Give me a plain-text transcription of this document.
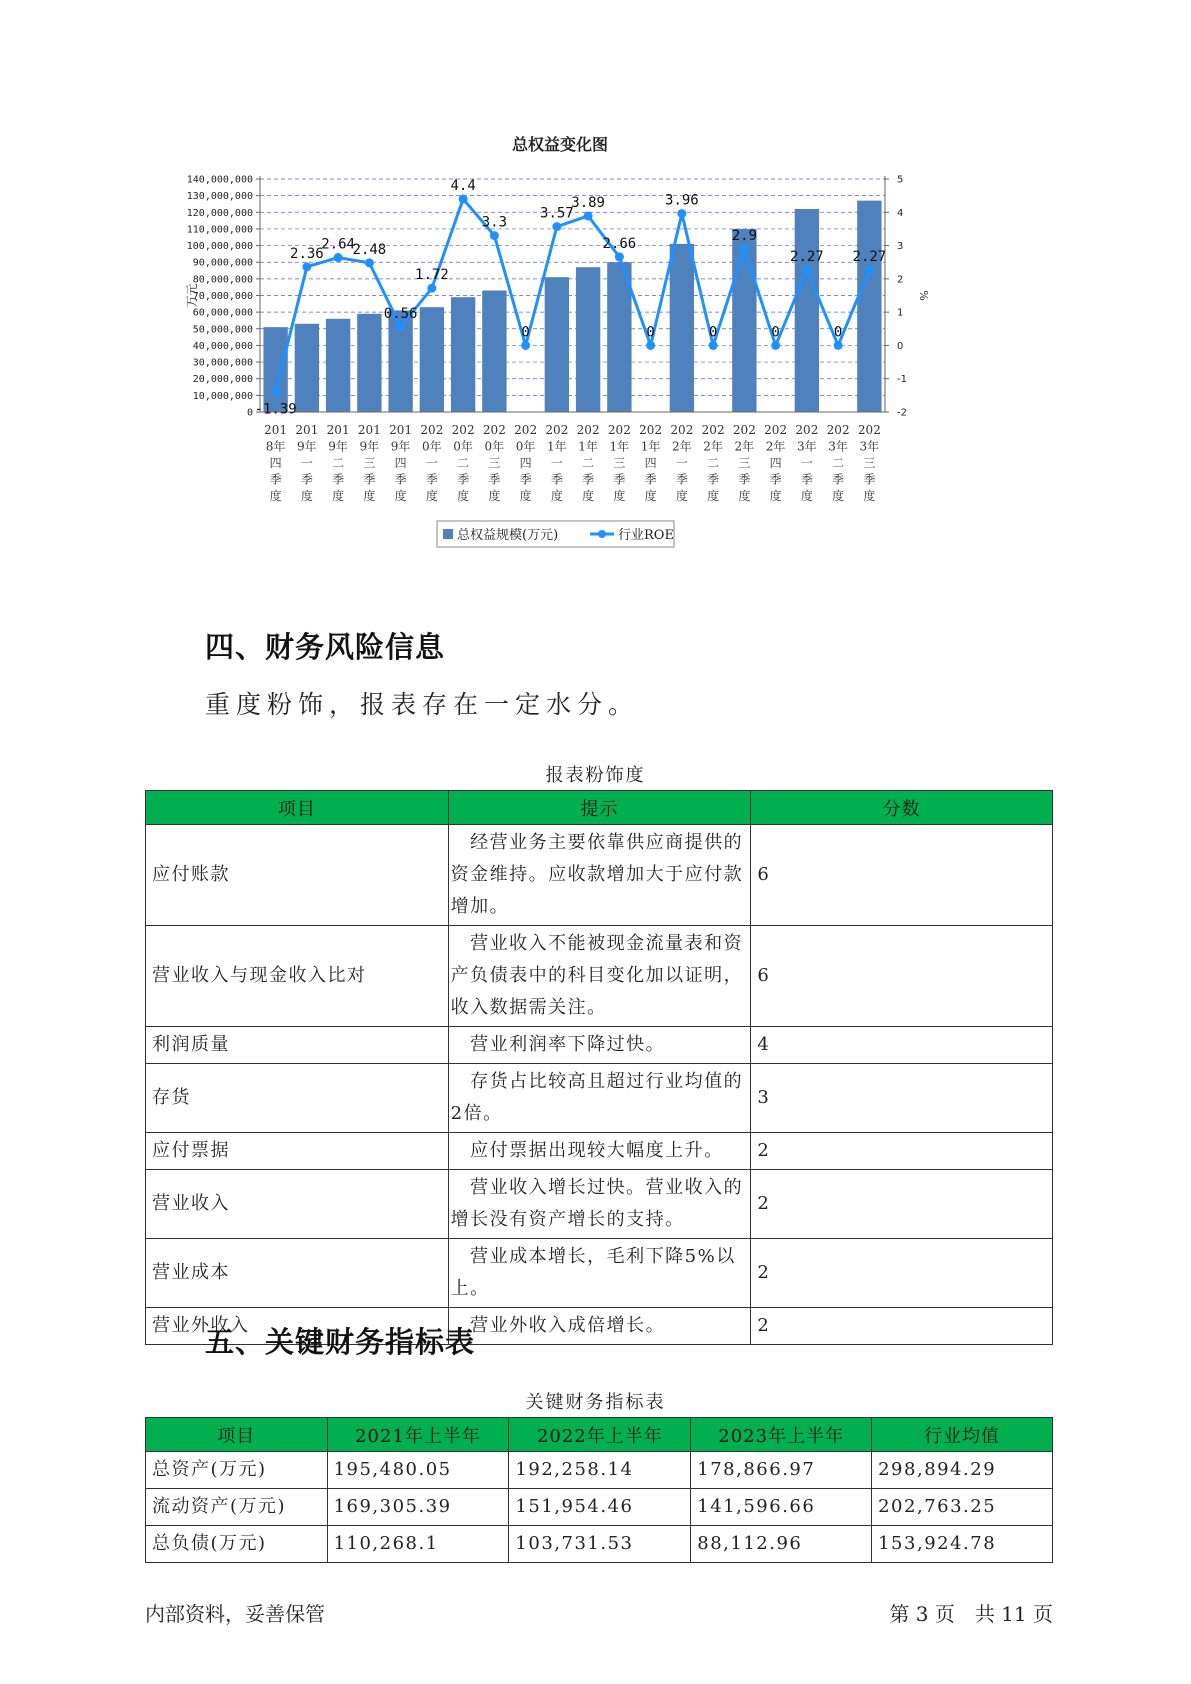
总权益变化图
140,000,000
130,000,000
120,000,000
110,000,000
100,000,000
90,000,000
80,000,000
70,000,000
60,000,000
50,000,000
40,000,000
30,000,000
20,000,000
10,000,000
0
5
4
3
2
1
0
-1
-2
万元	%
-1.39
2.36
2.64
2.48
0.56
1.72
4.4
3.3
0
3.57
3.89
2.66
0
3.96
0
2.9
0
2.27
0
2.27
201
8年
四
季
度
201
9年
一
季
度
201
9年
二
季
度
201
9年
三
季
度
201
9年
四
季
度
202
0年
一
季
度
202
0年
二
季
度
202
0年
三
季
度
202
0年
四
季
度
202
1年
一
季
度
202
1年
二
季
度
202
1年
三
季
度
202
1年
四
季
度
202
2年
一
季
度
202
2年
二
季
度
202
2年
三
季
度
202
2年
四
季
度
202
3年
一
季
度
202
3年
二
季
度
202
3年
三
季
度
总权益规模(万元)	行业ROE
四、财务风险信息
重度粉饰，报表存在一定水分。
报表粉饰度
项目	提示	分数
应付账款	　经营业务主要依靠供应商提供的资金维持。应收款增加大于应付款增加。	6
营业收入与现金收入比对	　营业收入不能被现金流量表和资产负债表中的科目变化加以证明，收入数据需关注。	6
利润质量	　营业利润率下降过快。	4
存货	　存货占比较高且超过行业均值的2倍。	3
应付票据	　应付票据出现较大幅度上升。	2
营业收入	　营业收入增长过快。营业收入的增长没有资产增长的支持。	2
营业成本	　营业成本增长，毛利下降5%以上。	2
营业外收入	　营业外收入成倍增长。	2
五、关键财务指标表
关键财务指标表
项目	2021年上半年	2022年上半年	2023年上半年	行业均值
总资产(万元)	195,480.05	192,258.14	178,866.97	298,894.29
流动资产(万元)	169,305.39	151,954.46	141,596.66	202,763.25
总负债(万元)	110,268.1	103,731.53	88,112.96	153,924.78
内部资料，妥善保管	第 3 页　共 11 页
